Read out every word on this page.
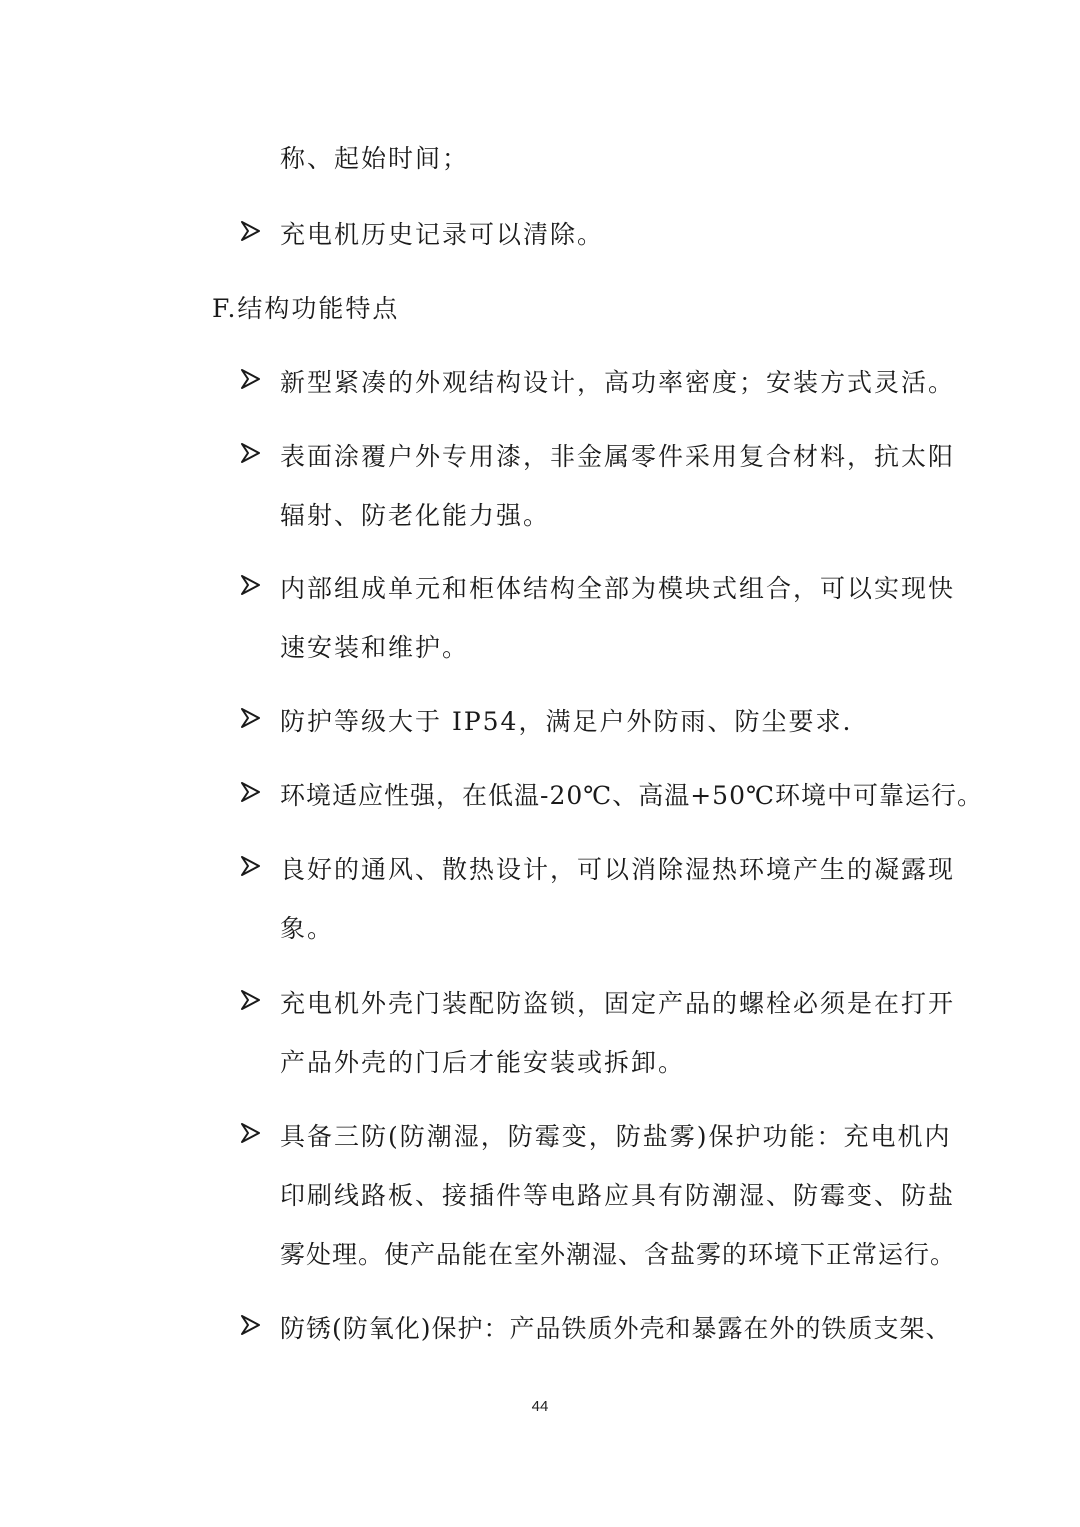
称、起始时间；
充电机历史记录可以清除。
F.结构功能特点
新型紧凑的外观结构设计，高功率密度；安装方式灵活。
表面涂覆户外专用漆，非金属零件采用复合材料，抗太阳
辐射、防老化能力强。
内部组成单元和柜体结构全部为模块式组合，可以实现快
速安装和维护。
防护等级大于 IP54，满足户外防雨、防尘要求.
环境适应性强，在低温-20℃、高温+50℃环境中可靠运行。
良好的通风、散热设计，可以消除湿热环境产生的凝露现
象。
充电机外壳门装配防盗锁，固定产品的螺栓必须是在打开
产品外壳的门后才能安装或拆卸。
具备三防(防潮湿，防霉变，防盐雾)保护功能：充电机内
印刷线路板、接插件等电路应具有防潮湿、防霉变、防盐
雾处理。使产品能在室外潮湿、含盐雾的环境下正常运行。
防锈(防氧化)保护：产品铁质外壳和暴露在外的铁质支架、
44
